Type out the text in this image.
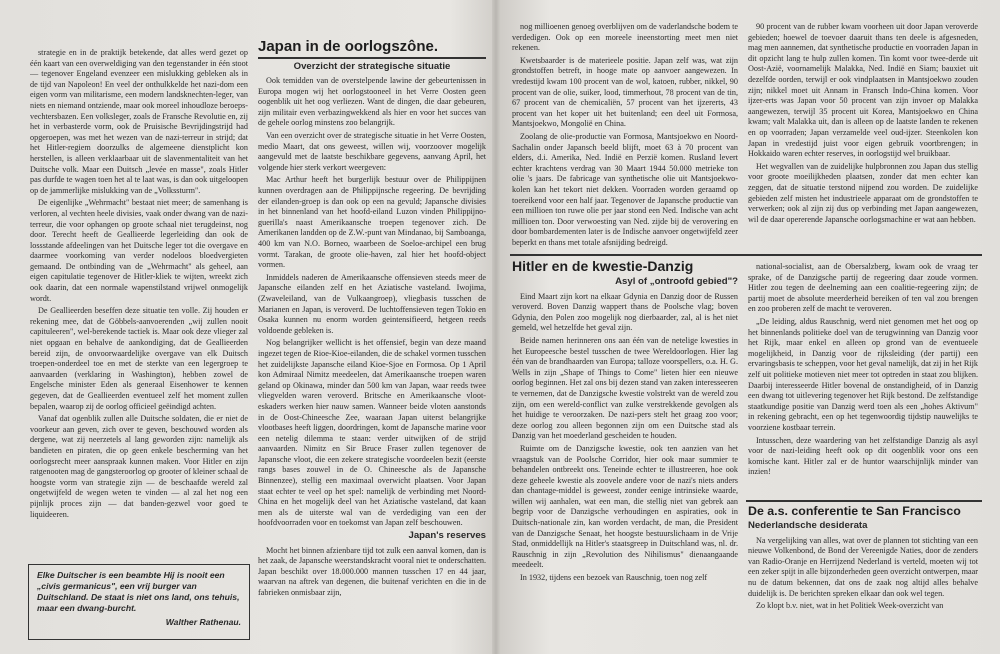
strategie en in de praktijk betekende, dat alles werd gezet op één kaart van een overweldiging van den tegenstander in één stoot — tegenover Engeland evenzeer een mislukking gebleken als in de tijd van Napoleon! En veel der onthulkkelde het nazi-dom een eigen vorm van militarisme, een modern landsknechten-leger, van niets en niemand ontziende, maar ook moreel inhoudloze beroeps-vechtersbazen. Een volksleger, zoals de Fransche Revolutie en, zij het in verbasterde vorm, ook de Pruisische Bevrijdingstrijd had opgeroepen, was met het wezen van de nazi-terreur in strijd; dat het Hitler-regiem doorzulks de algemeene dienstplicht kon herstellen, is alleen verklaarbaar uit de slavenmentaliteit van het Duitsche volk. Maar een Duitsch „levée en masse", zoals Hitler pas durfde te wagen toen het al te laat was, is dan ook uitgeloopen op de jammerlijke mislukking van de „Volkssturm".

De eigenlijke „Wehrmacht" bestaat niet meer; de samenhang is verloren, al vechten heele divisies, vaak onder dwang van de nazi-terreur, die voor ophangen op groote schaal niet terugdeinst, nog door. Terecht heeft de Geallieerde legerleiding dan ook de lossstande afdeelingen van het Duitsche leger tot die overgave en daarmee voorkoming van verder nodeloos bloedvergieten gemaand. De ontbinding van de „Wehrmacht" als geheel, aan eigen capitulatie tegenover de Hitler-kliek te wijten, wreekt zich ook daarin, dat een normale wapenstilstand vrijwel onmogelijk wordt.

De Geallieerden beseffen deze situatie ten volle. Zij houden er rekening mee, dat de Göbbels-aanvoerenden „wij zullen nooit capituleeren", wel-berekende tactiek is. Maar ook deze vlieger zal niet opgaan en behalve de aankondiging, dat de Geallieerden bereid zijn, de onvoorwaardelijke overgave van elk Duitsch troepen-onderdeel toe en met de sterkte van een legergroep te aanvaarden (verklaring in Washington), hebben zowel de Engelsche minister Eden als generaal Eisenhower te kennen gegeven, dat de Geallieerden eventueel zelf het moment zullen bepalen, waarop zij de oorlog officieel geëindigd achten.

Vanaf dat ogenblik zullen alle Duitsche soldaten, die er niet de voorkeur aan geven, zich over te geven, beschouwd worden als dergene, wat zij neerzetels al lang geworden zijn: namelijk als bandieten en piraten, die op geen enkele bescherming van het oorlogsrecht meer aanspraak kunnen maken. Voor Hitler en zijn ratgenooten mag de gangsteroorlog op grooter of kleiner schaal de hoogste vorm van strategie zijn — de beschaafde wereld zal ongetwijfeld de wegen weten te vinden — al zal het nog een pijnlijk proces zijn — dat banden-gezwel voor goed te liquideeren.

Elke Duitscher is een beambte Hij is nooit een „civis germanicus", een vrij burger van Duitschland. De staat is niet ons land, ons tehuis, maar een dwang-burcht.
Walther Rathenau.
Japan in de oorlogszône.
Overzicht der strategische situatie

Ook temidden van de overstelpende lawine der gebeurtenissen in Europa mogen wij het oorlogstooneel in het Verre Oosten geen oogenblik uit het oog verliezen. Want de dingen, die daar gebeuren, zijn militair even verbazingwekkend als hier en voor het succes van de gehele oorlog minstens zoo belangrijk.

Van een overzicht over de strategische situatie in het Verre Oosten, medio Maart, dat ons geweest, willen wij, voorzoover mogelijk aangevuld met de laatste beschikbare gegevens, aanvang April, het volgende hier sterk verkort weergeven:

Mac Arthur heeft het burgerlijk bestuur over de Philippijnen kunnen overdragen aan de Philippijnsche regeering. De bevrijding der eilanden-groep is dan ook op een na gevuld; Japansche divisies in het binnenland van het hoofd-eiland Luzon vinden Philippijno-guerilla's naast Amerikaansche troepen tegenover zich. De Amerikanen landden op de Z.W.-punt van Mindanao, bij Samboanga, 400 km van N.O. Borneo, waarbeen de Soeloe-archipel een brug vormt. Tarakan, de groote olie-haven, zal hier het hoofd-object vormen.

Inmiddels naderen de Amerikaansche offensieven steeds meer de Japansche eilanden zelf en het Aziatische vasteland. Iwojima, (Zwaveleiland, van de Vulkaangroep), vliegbasis tusschen de Marianen en Japan, is veroverd. De luchtoffensieven tegen Tokio en Osaka kunnen nu enorm worden geintensifieerd, hetgeen reeds voldoende gebleken is.

Nog belangrijker wellicht is het offensief, begin van deze maand ingezet tegen de Rioe-Kioe-eilanden, die de schakel vormen tusschen het zuidelijkste Japansche eiland Kioe-Sjoe en Formosa. Op 1 April kon Admiraal Nimitz meedeelen, dat Amerikaansche troepen waren geland op Okinawa, minder dan 500 km van Japan, waar reeds twee vliegvelden waren veroverd. Britsche en Amerikaansche vloot-eskaders werken hier nauw samen. Wanneer beide vloten aanstonds in de Oost-Chineesche Zee, waaraan Japan uiterst belangrijke vlootbases heeft liggen, doordringen, komt de Japansche marine voor een netelig dilemma te staan: verder uitwijken of de strijd aanvaarden. Nimitz en Sir Bruce Fraser zullen tegenover de Japansche vloot, die een zekere strategische voordeelen bezit (eerste rangs bases zouwel in de O. Chineesche als de Japansche Binnenzee), stellig een maximaal overwicht plaatsen. Voor Japan staat echter te veel op het spel: namelijk de verbinding met Noord-China en het mogelijk deel van het Aziatische vasteland, dat kaan men als de uiterste wal van de verdediging van een der hoofdvoorraden voor en toekomst van Japan zelf beschouwen.

Japan's reserves

Mocht het binnen afzienbare tijd tot zulk een aanval komen, dan is het zaak, de Japansche weerstandskracht vooral niet te onderschatten. Japan beschikt over 18.000.000 mannen tusschen 17 en 44 jaar, waarvan na aftrek van degenen, die buitenaf verichten en die in de fabrieken onmisbaar zijn,

nog millioenen genoeg overblijven om de vaderlandsche bodem te verdedigen. Ook op een moreele ineenstorting meet men niet rekenen.

Kwetsbaarder is de materieele positie. Japan zelf was, wat zijn grondstoffen betreft, in hooge mate op aanvoer aangewezen. In vredestijd kwam 100 procent van de wol, katoen, rubber, nikkel, 90 procent van de olie, suiker, lood, timmerhout, 78 procent van de tin, 67 procent van de chemicaliën, 57 procent van het ijzererts, 43 procent van het koper uit het buitenland; een deel uit Formosa, Mantsjoekwo, Mongolië en China.

Zoolang de olie-productie van Formosa, Mantsjoekwo en Noord-Sachalin onder Japansch beeld blijft, moet 63 à 70 procent van elders, d.i. Amerika, Ned. Indië en Perzië komen. Rusland levert echter krachtens verdrag van 30 Maart 1944 50.000 metrieke ton olie 's jaars. De fabricage van synthetische olie uit Mantsjoekwo-kolen kan het tekort niet dekken. Voorraden worden geraamd op toereikend voor een half jaar. Tegenover de Japansche productie van een millioen ton ruwe olie per jaar stond een Ned. Indische van acht millioen ton. Door verwoesting van Ned. zijde bij de verovering en door bombardementen later is de Indische aanvoer ongetwijfeld zeer beperkt en thans met totale afsnijding bedreigd.

90 procent van de rubber kwam voorheen uit door Japan veroverde gebieden; hoewel de toevoer daaruit thans ten deele is afgesneden, mag men aannemen, dat synthetische productie en voorraden Japan in dit opzicht lang te hulp zullen komen. Tin komt voor twee-derde uit Oost-Azië, voornamelijk Malakka, Ned. Indië en Siam; bauxiet uit dezelfde oorden, terwijl er ook vindplaatsen in Mantsjoekwo zouden zijn; nikkel moet uit Annam in Fransch Indo-China komen. Voor ijzer-erts was Japan voor 50 procent van zijn invoer op Malakka aangewezen, terwijl 35 procent uit Korea, Mantsjoekwo en China kwam; valt Malakka uit, dan is alleen op de laatste landen te rekenen en op voorraden; Japan verzamelde veel oud-ijzer. Steenkolen kon Japan in vredestijd juist voor eigen gebruik voortbrengen; in Hokkaido waren echter reserves, in oorlogstijd wel bruikbaar.

Het wegvallen van de zuidelijke hulpbronnen zou Japan dus stellig voor groote moeilijkheden plaatsen, zonder dat men echter kan zeggen, dat de situatie terstond nijpend zou worden. De zuidelijke gebieden zelf misten het industrieele apparaat om de grondstoffen te verwerken; ook al zijn zij dus op verbinding met Japan aangewezen, wil de daar opererende Japansche oorlogsmachine er wat aan hebben.

Hitler en de kwestie-Danzig
Asyl of „ontroofd gebied"?

Eind Maart zijn kort na elkaar Gdynia en Danzig door de Russen veroverd. Boven Danzig wappert thans de Poolsche vlag; boven Gdynia, den Polen zoo mogelijk nog dierbaarder, zal, al is het niet gemeld, wel hetzelfde het geval zijn.

Beide namen herinneren ons aan één van de netelige kwesties in het Europeesche bestel tusschen de twee Wereldoorlogen. Hier lag één van de brandhaarden van Europa; talloze voorspellers, o.a. H. G. Wells in zijn „Shape of Things to Come" lieten hier een nieuwe oorlog beginnen. Het zal ons bij dezen stand van zaken interesseeren te vernemen, dat de Danzigsche kwestie volstrekt van de wereld zou zijn, om een wereld-conflict van zulke verstrekkende gevolgen als het huidige te veroorzaken. De nazi-pers stelt het graag zoo voor; deze oorlog zou alleen begonnen zijn om een Duitsche stad als Danzig van het moederland gescheiden te houden.

Ruimte om de Danzigsche kwestie, ook ten aanzien van het vraagstuk van de Poolsche Corridor, hier ook maar summier te behandelen ontbreekt ons. Teneinde echter te illustreeren, hoe ook deze geheele kwestie als zoovele andere voor de nazi's niets anders dan chantage-middel is geweest, zonder eenige intrinsieke waarde, willen wij aanhalen, wat een man, die stellig niet van gebrek aan begrip voor de Danzigsche verhoudingen en aspiraties, ook in Duitsch-nationale zin, kan worden verdacht, de man, die President van de Danzigsche Senaat, het hoogste bestuurslichaam in de Vrije Stad, onmiddellijk na Hitler's staatsgreep in Duitschland was, nl. dr. Rauschnig in zijn „Revolution des Nihilismus" dienaangaande meedeelt.

In 1932, tijdens een bezoek van Rauschnig, toen nog zelf

national-socialist, aan de Obersalzberg, kwam ook de vraag ter sprake, of de Danzigsche partij de regeering daar zoude vormen. Hitler zou tegen de deelneming aan een coalitie-regeering zijn; de partij moet de absolute meerderheid bereiken of ten val zou brengen en zoo proberen zelf de macht te veroveren.

„De leiding, aldus Rauschnig, werd niet genomen met het oog op het binnenlands politieke doel van de terugwinning van Danzig voor het Rijk, maar enkel en alleen op grond van de eventueele mogelijkheid, in Danzig voor de rijksleiding (der partij) een ervaringsbasis te scheppen, voor het geval namelijk, dat zij in het Rijk zelf uit politieke motieven niet meer tot optreden in staat zou blijken. Daarbij interesseerde Hitler bovenal de onstandigheid, of in Danzig een dwang tot uitlevering tegenover het Rijk bestond. De zelfstandige staatkundige positie van Danzig werd toen als een „hohes Aktivum" in rekening gebracht, een op het tegenwoordig tijdstip nauwelijks te voorziene kostbaar terrein.

Intusschen, deze waardering van het zelfstandige Danzig als asyl voor de nazi-leiding heeft ook op dit oogenblik voor ons een komische kant. Hitler zal er de huntor waarschijnlijk minder van inzien!

De a.s. conferentie te San Francisco
Nederlandsche desiderata

Na vergelijking van alles, wat over de plannen tot stichting van een nieuwe Volkenbond, de Bond der Vereenigde Naties, door de zenders van Radio-Oranje en Herrijzend Nederland is verteld, moeten wij tot een zeker spijt in alle bijzonderheden geen overzicht ontwerpen, maar nu de datum bekennen, dat ons de zaak nog altijd alles behalve duidelijk is. De berichten spreken elkaar dan ook wel tegen.

Zo klopt b.v. niet, wat in het Politiek Week-overzicht van
